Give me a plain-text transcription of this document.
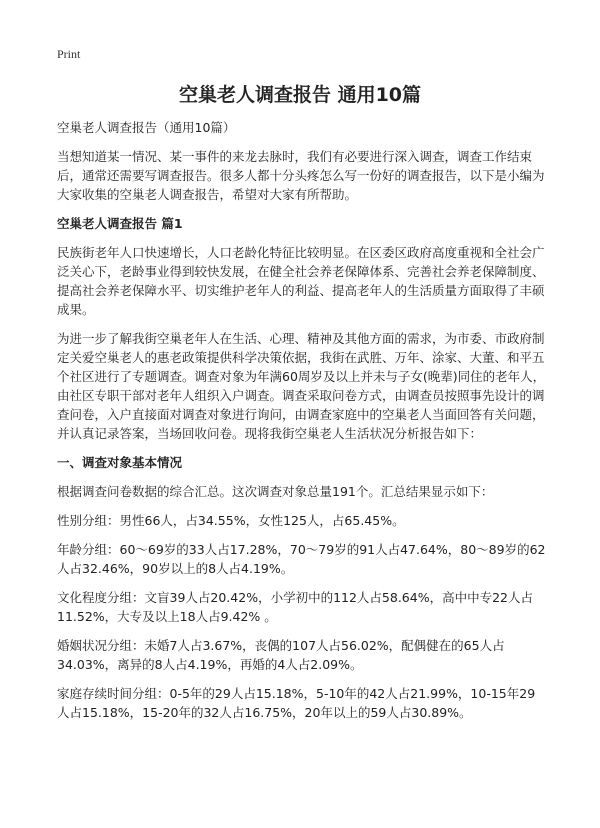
Print
空巢老人调查报告 通用10篇

空巢老人调查报告（通用10篇）

当想知道某一情况、某一事件的来龙去脉时，我们有必要进行深入调查，调查工作结束后，通常还需要写调查报告。很多人都十分头疼怎么写一份好的调查报告，以下是小编为大家收集的空巢老人调查报告，希望对大家有所帮助。

空巢老人调查报告 篇1

民族街老年人口快速增长，人口老龄化特征比较明显。在区委区政府高度重视和全社会广泛关心下，老龄事业得到较快发展，在健全社会养老保障体系、完善社会养老保障制度、提高社会养老保障水平、切实维护老年人的利益、提高老年人的生活质量方面取得了丰硕成果。

为进一步了解我街空巢老年人在生活、心理、精神及其他方面的需求，为市委、市政府制定关爱空巢老人的惠老政策提供科学决策依据，我街在武胜、万年、涂家、大董、和平五个社区进行了专题调查。调查对象为年满60周岁及以上并未与子女(晚辈)同住的老年人，由社区专职干部对老年人组织入户调查。调查采取问卷方式，由调查员按照事先设计的调查问卷，入户直接面对调查对象进行询问，由调查家庭中的空巢老人当面回答有关问题，并认真记录答案，当场回收问卷。现将我街空巢老人生活状况分析报告如下：

一、调查对象基本情况

根据调查问卷数据的综合汇总。这次调查对象总量191个。汇总结果显示如下：

性别分组：男性66人，占34.55%，女性125人，占65.45%。

年龄分组：60～69岁的33人占17.28%，70～79岁的91人占47.64%，80～89岁的62人占32.46%，90岁以上的8人占4.19%。

文化程度分组：文盲39人占20.42%，小学初中的112人占58.64%，高中中专22人占11.52%，大专及以上18人占9.42% 。

婚姻状况分组：未婚7人占3.67%，丧偶的107人占56.02%，配偶健在的65人占34.03%，离异的8人占4.19%，再婚的4人占2.09%。

家庭存续时间分组：0-5年的29人占15.18%，5-10年的42人占21.99%，10-15年29人占15.18%，15-20年的32人占16.75%，20年以上的59人占30.89%。
